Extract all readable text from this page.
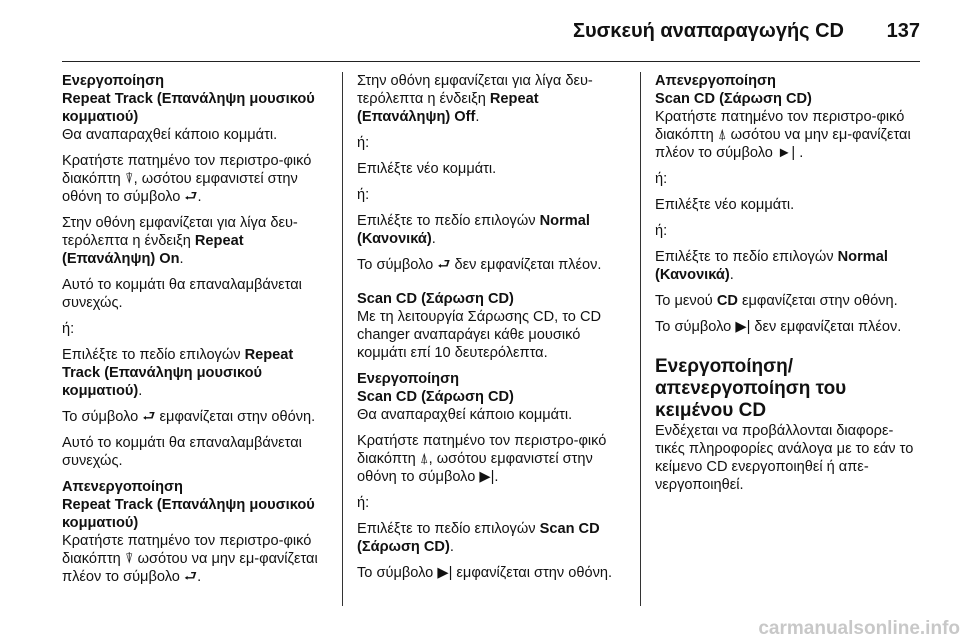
Συσκευή αναπαραγωγής CD 137

Ενεργοποίηση

Repeat Track (Επανάληψη μουσικού κομματιού)

Θα αναπαραχθεί κάποιο κομμάτι.

Κρατήστε πατημένο τον περιστρο-φικό διακόπτη ⍒, ωσότου εμφανιστεί στην οθόνη το σύμβολο ⮐.

Στην οθόνη εμφανίζεται για λίγα δευ-τερόλεπτα η ένδειξη Repeat (Επανάληψη) On.

Αυτό το κομμάτι θα επαναλαμβάνεται συνεχώς.

ή:

Επιλέξτε το πεδίο επιλογών Repeat Track (Επανάληψη μουσικού κομματιού).

Το σύμβολο ⮐ εμφανίζεται στην οθόνη.

Αυτό το κομμάτι θα επαναλαμβάνεται συνεχώς.

Απενεργοποίηση

Repeat Track (Επανάληψη μουσικού κομματιού)

Κρατήστε πατημένο τον περιστρο-φικό διακόπτη ⍒ ωσότου να μην εμ-φανίζεται πλέον το σύμβολο ⮐.

Στην οθόνη εμφανίζεται για λίγα δευ-τερόλεπτα η ένδειξη Repeat (Επανάληψη) Off.

ή:

Επιλέξτε νέο κομμάτι.

ή:

Επιλέξτε το πεδίο επιλογών Normal (Κανονικά).

Το σύμβολο ⮐ δεν εμφανίζεται πλέον.

Scan CD (Σάρωση CD)

Με τη λειτουργία Σάρωσης CD, το CD changer αναπαράγει κάθε μουσικό κομμάτι επί 10 δευτερόλεπτα.

Ενεργοποίηση

Scan CD (Σάρωση CD)

Θα αναπαραχθεί κάποιο κομμάτι.

Κρατήστε πατημένο τον περιστρο-φικό διακόπτη ⍋, ωσότου εμφανιστεί στην οθόνη το σύμβολο ▶︎|.

ή:

Επιλέξτε το πεδίο επιλογών Scan CD (Σάρωση CD).

Το σύμβολο ▶︎| εμφανίζεται στην οθόνη.

Απενεργοποίηση

Scan CD (Σάρωση CD)

Κρατήστε πατημένο τον περιστρο-φικό διακόπτη ⍋ ωσότου να μην εμ-φανίζεται πλέον το σύμβολο ►| .

ή:

Επιλέξτε νέο κομμάτι.

ή:

Επιλέξτε το πεδίο επιλογών Normal (Κανονικά).

Το μενού CD εμφανίζεται στην οθόνη.

Το σύμβολο ▶︎| δεν εμφανίζεται πλέον.

Ενεργοποίηση/ απενεργοποίηση του κειμένου CD

Ενδέχεται να προβάλλονται διαφορε-τικές πληροφορίες ανάλογα με το εάν το κείμενο CD ενεργοποιηθεί ή απε-νεργοποιηθεί.

carmanualsonline.info
